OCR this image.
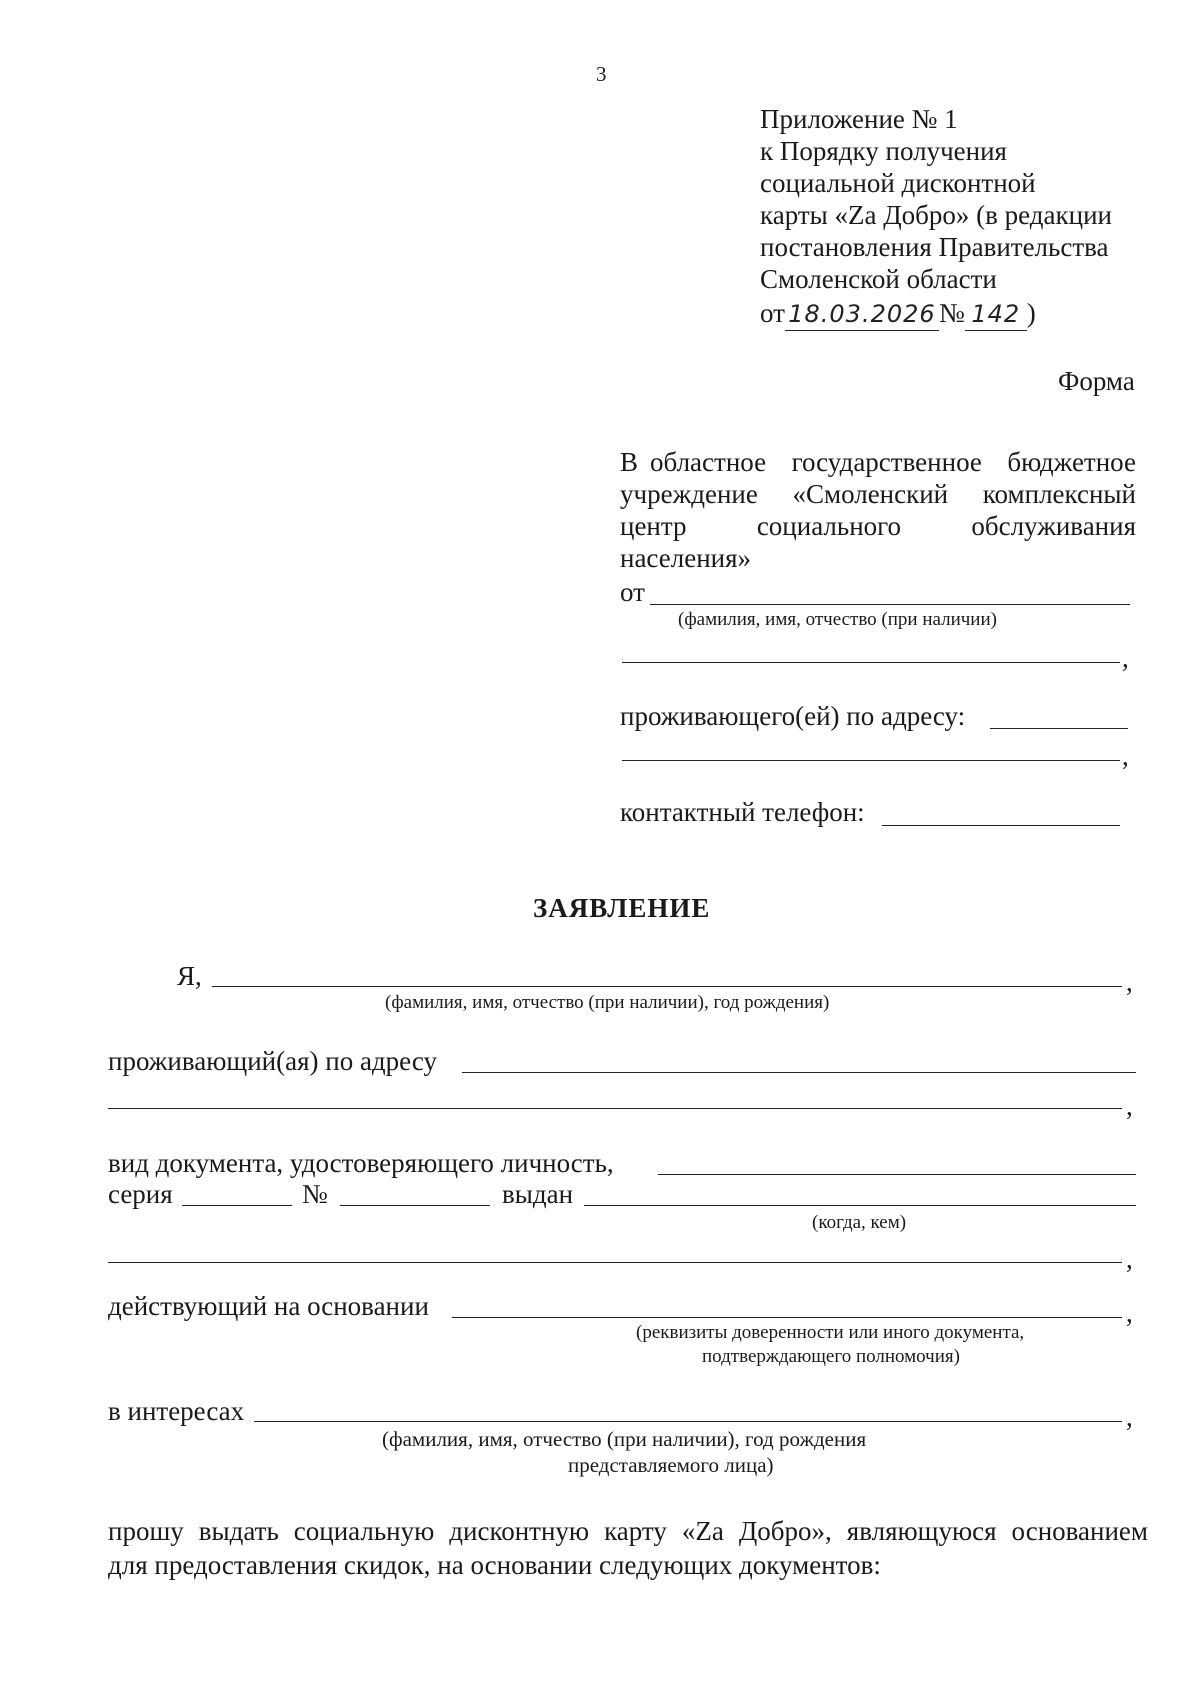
3
Приложение № 1
к Порядку получения
социальной дисконтной
карты «Za Добро» (в редакции
постановления Правительства
Смоленской области
от 18.03.2026 № 142 )
Форма
В областное государственное бюджетное
учреждение «Смоленский комплексный
центр	социального	обслуживания
населения»
от
(фамилия, имя, отчество (при наличии)
,
проживающего(ей) по адресу:
,
контактный телефон:
ЗАЯВЛЕНИЕ
Я,	,
(фамилия, имя, отчество (при наличии), год рождения)
проживающий(ая) по адресу
,
вид документа, удостоверяющего личность,
серия	№	выдан
(когда, кем)
,
действующий на основании	,
(реквизиты доверенности или иного документа,
подтверждающего полномочия)
в интересах	,
(фамилия, имя, отчество (при наличии), год рождения
представляемого лица)
прошу выдать социальную дисконтную карту «Za Добро», являющуюся основанием
для предоставления скидок, на основании следующих документов:
